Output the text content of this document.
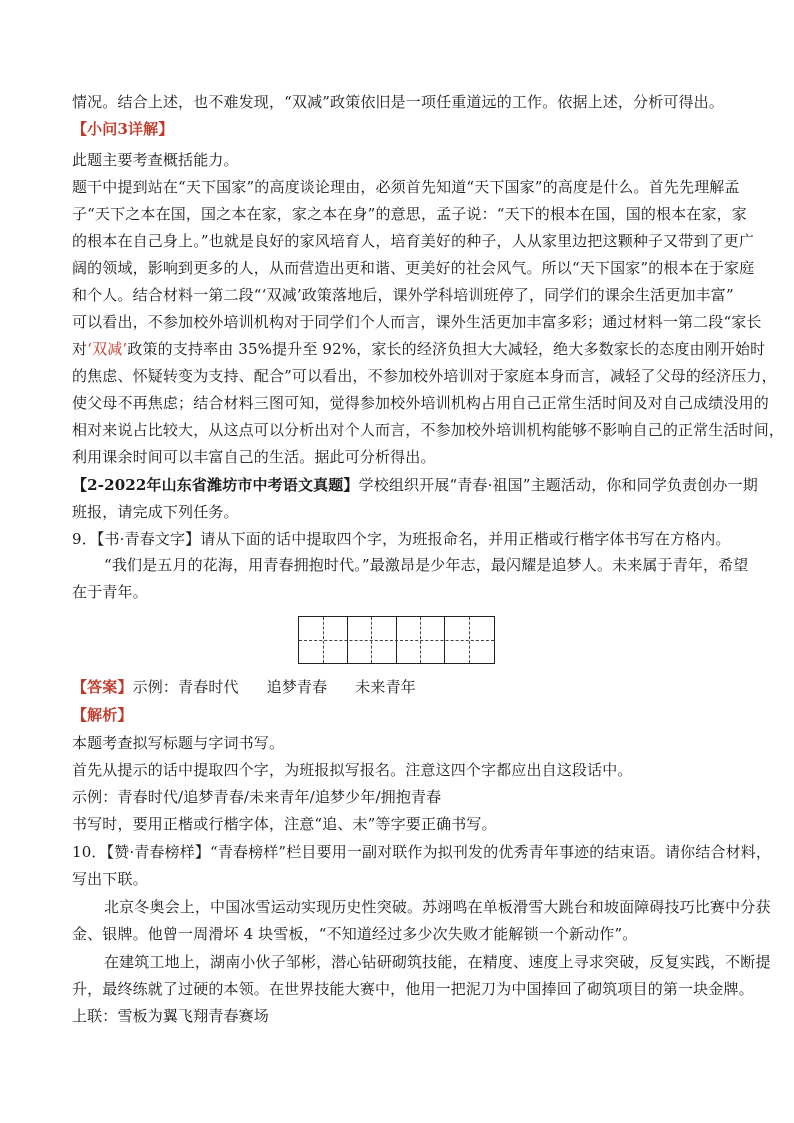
情况。结合上述，也不难发现，“双减”政策依旧是一项任重道远的工作。依据上述，分析可得出。
【小问3详解】
此题主要考查概括能力。
题干中提到站在“天下国家”的高度谈论理由，必须首先知道“天下国家”的高度是什么。首先先理解孟
子“天下之本在国，国之本在家，家之本在身”的意思，孟子说：“天下的根本在国，国的根本在家，家
的根本在自己身上。”也就是良好的家风培育人，培育美好的种子，人从家里边把这颗种子又带到了更广
阔的领域，影响到更多的人，从而营造出更和谐、更美好的社会风气。所以“天下国家”的根本在于家庭
和个人。结合材料一第二段“‘双减’政策落地后，课外学科培训班停了，同学们的课余生活更加丰富”
可以看出，不参加校外培训机构对于同学们个人而言，课外生活更加丰富多彩；通过材料一第二段“家长
对‘双减’政策的支持率由 35%提升至 92%，家长的经济负担大大减轻，绝大多数家长的态度由刚开始时
的焦虑、怀疑转变为支持、配合”可以看出，不参加校外培训对于家庭本身而言，减轻了父母的经济压力，
使父母不再焦虑；结合材料三图可知，觉得参加校外培训机构占用自己正常生活时间及对自己成绩没用的
相对来说占比较大，从这点可以分析出对个人而言，不参加校外培训机构能够不影响自己的正常生活时间，
利用课余时间可以丰富自己的生活。据此可分析得出。
【2-2022年山东省潍坊市中考语文真题】学校组织开展“青春·祖国”主题活动，你和同学负责创办一期
班报，请完成下列任务。
9．【书·青春文字】请从下面的话中提取四个字，为班报命名，并用正楷或行楷字体书写在方格内。
“我们是五月的花海，用青春拥抱时代。”最激昂是少年志，最闪耀是追梦人。未来属于青年，希望
在于青年。
【答案】示例：青春时代 追梦青春 未来青年
【解析】
本题考查拟写标题与字词书写。
首先从提示的话中提取四个字，为班报拟写报名。注意这四个字都应出自这段话中。
示例：青春时代/追梦青春/未来青年/追梦少年/拥抱青春
书写时，要用正楷或行楷字体，注意“追、未”等字要正确书写。
10．【赞·青春榜样】“青春榜样”栏目要用一副对联作为拟刊发的优秀青年事迹的结束语。请你结合材料，
写出下联。
北京冬奥会上，中国冰雪运动实现历史性突破。苏翊鸣在单板滑雪大跳台和坡面障碍技巧比赛中分获
金、银牌。他曾一周滑坏 4 块雪板，“不知道经过多少次失败才能解锁一个新动作”。
在建筑工地上，湖南小伙子邹彬，潜心钻研砌筑技能，在精度、速度上寻求突破，反复实践，不断提
升，最终练就了过硬的本领。在世界技能大赛中，他用一把泥刀为中国捧回了砌筑项目的第一块金牌。
上联：雪板为翼飞翔青春赛场
